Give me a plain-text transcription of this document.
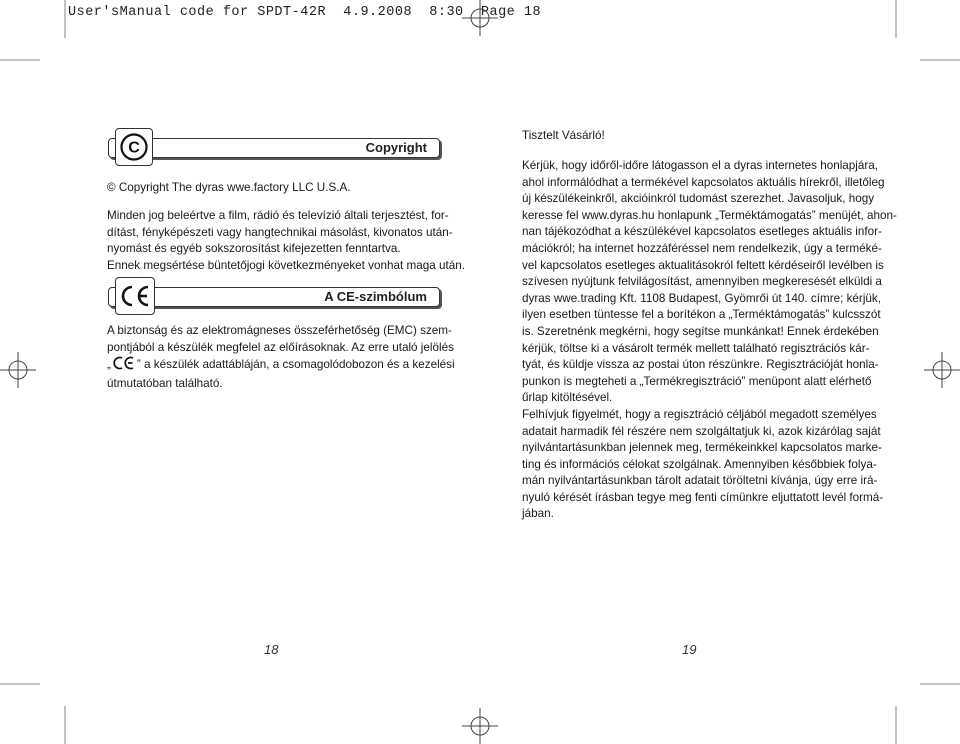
User'sManual code for SPDT-42R  4.9.2008  8:30  Page 18
Copyright
C
© Copyright The dyras wwe.factory LLC U.S.A.
Minden jog beleértve a film, rádió és televízió általi terjesztést, for-
dítást, fényképészeti vagy hangtechnikai másolást, kivonatos után-
nyomást és egyéb sokszorosítást kifejezetten fenntartva.
Ennek megsértése büntetőjogi következményeket vonhat maga után.
A CE-szimbólum
A biztonság és az elektromágneses összeférhetőség (EMC) szem-
pontjából a készülék megfelel az előírásoknak. Az erre utaló jelölés
„ ” a készülék adattábláján, a csomagolódobozon és a kezelési
útmutatóban található.
18
Tisztelt Vásárló!
Kérjük, hogy időről-időre látogasson el a dyras internetes honlapjára,
ahol informálódhat a termékével kapcsolatos aktuális hírekről, illetőleg
új készülékeinkről, akcióinkról tudomást szerezhet. Javasoljuk, hogy
keresse fel www.dyras.hu honlapunk „Terméktámogatás” menüjét, ahon-
nan tájékozódhat a készülékével kapcsolatos esetleges aktuális infor-
mációkról; ha internet hozzáféréssel nem rendelkezik, úgy a terméké-
vel kapcsolatos esetleges aktualitásokról feltett kérdéseiről levélben is
szívesen nyújtunk felvilágosítást, amennyiben megkeresését elküldi a
dyras wwe.trading Kft. 1108 Budapest, Gyömrői út 140. címre; kérjük,
ilyen esetben tüntesse fel a borítékon a „Terméktámogatás” kulcsszót
is. Szeretnénk megkérni, hogy segítse munkánkat! Ennek érdekében
kérjük, töltse ki a vásárolt termék mellett található regisztrációs kár-
tyát, és küldje vissza az postai úton részünkre. Regisztrációját honla-
punkon is megteheti a „Termékregisztráció” menüpont alatt elérhető
űrlap kitöltésével.
Felhívjuk figyelmét, hogy a regisztráció céljából megadott személyes
adatait harmadik fél részére nem szolgáltatjuk ki, azok kizárólag saját
nyilvántartásunkban jelennek meg, termékeinkkel kapcsolatos marke-
ting és információs célokat szolgálnak. Amennyiben későbbiek folya-
mán nyilvántartásunkban tárolt adatait töröltetni kívánja, úgy erre irá-
nyuló kérését írásban tegye meg fenti címünkre eljuttatott levél formá-
jában.
19
